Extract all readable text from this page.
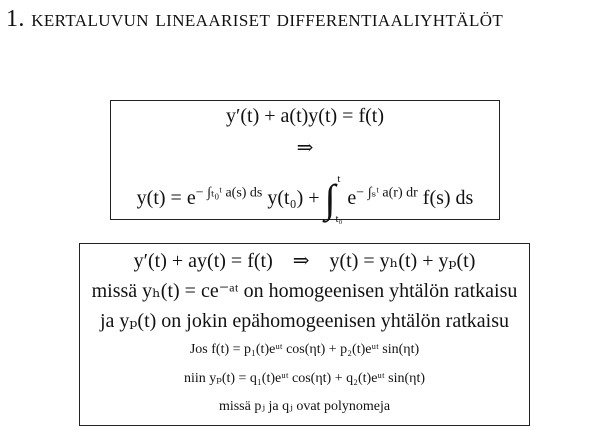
1. kertaluvun lineaariset differentiaaliyhtälöt
y′(t) + a(t)y(t) = f(t)
⇒
$y(t) = e^{- \int_{t0}ᵗ a(s) ds}$ y(t₀) + ∫ t
t₀ $e^{- \int_sᵗ a(r) dr}$ f(s) ds
y′(t) + ay(t) = f(t) ⇒ y(t) = yₕ(t) + yₚ(t)
missä yₕ(t) = ce⁻ᵃᵗ on homogeenisen yhtälön ratkaisu
ja yₚ(t) on jokin epähomogeenisen yhtälön ratkaisu
Jos f(t) = p₁(t)eᵘᵗ cos(ηt) + p₂(t)eᵘᵗ sin(ηt)
niin yₚ(t) = q₁(t)eᵘᵗ cos(ηt) + q₂(t)eᵘᵗ sin(ηt)
missä pⱼ ja qⱼ ovat polynomeja
